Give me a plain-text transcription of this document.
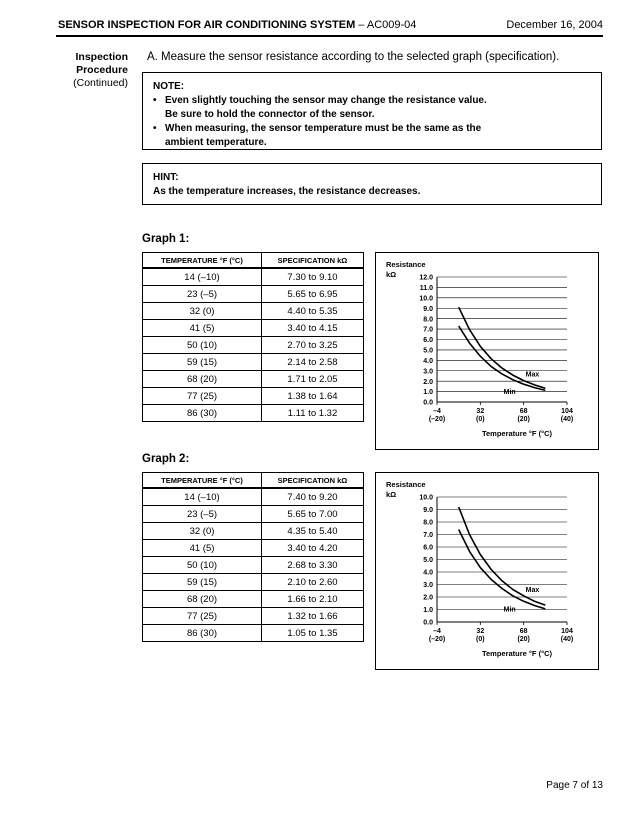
SENSOR INSPECTION FOR AIR CONDITIONING SYSTEM – AC009-04	December 16, 2004
Inspection
Procedure
(Continued)
A. Measure the sensor resistance according to the selected graph (specification).

NOTE:

• Even slightly touching the sensor may change the resistance value.
Be sure to hold the connector of the sensor.
• When measuring, the sensor temperature must be the same as the
ambient temperature.

HINT:

As the temperature increases, the resistance decreases.

Graph 1:
TEMPERATURE °F (°C)	SPECIFICATION kΩ
14 (–10)	7.30 to 9.10
23 (–5)	5.65 to 6.95
32 (0)	4.40 to 5.35
41 (5)	3.40 to 4.15
50 (10)	2.70 to 3.25
59 (15)	2.14 to 2.58
68 (20)	1.71 to 2.05
77 (25)	1.38 to 1.64
86 (30)	1.11 to 1.32
Resistance
kΩ
0.0
1.0
2.0
3.0
4.0
5.0
6.0
7.0
8.0
9.0
10.0
11.0
12.0
–4
(–20)
32
(0)
68
(20)
104
(40)
Temperature °F (°C)
Max
Min
Graph 2:
TEMPERATURE °F (°C)	SPECIFICATION kΩ
14 (–10)	7.40 to 9.20
23 (–5)	5.65 to 7.00
32 (0)	4.35 to 5.40
41 (5)	3.40 to 4.20
50 (10)	2.68 to 3.30
59 (15)	2.10 to 2.60
68 (20)	1.66 to 2.10
77 (25)	1.32 to 1.66
86 (30)	1.05 to 1.35
Resistance
kΩ
0.0
1.0
2.0
3.0
4.0
5.0
6.0
7.0
8.0
9.0
10.0
–4
(–20)
32
(0)
68
(20)
104
(40)
Temperature °F (°C)
Max
Min
Page 7 of 13
